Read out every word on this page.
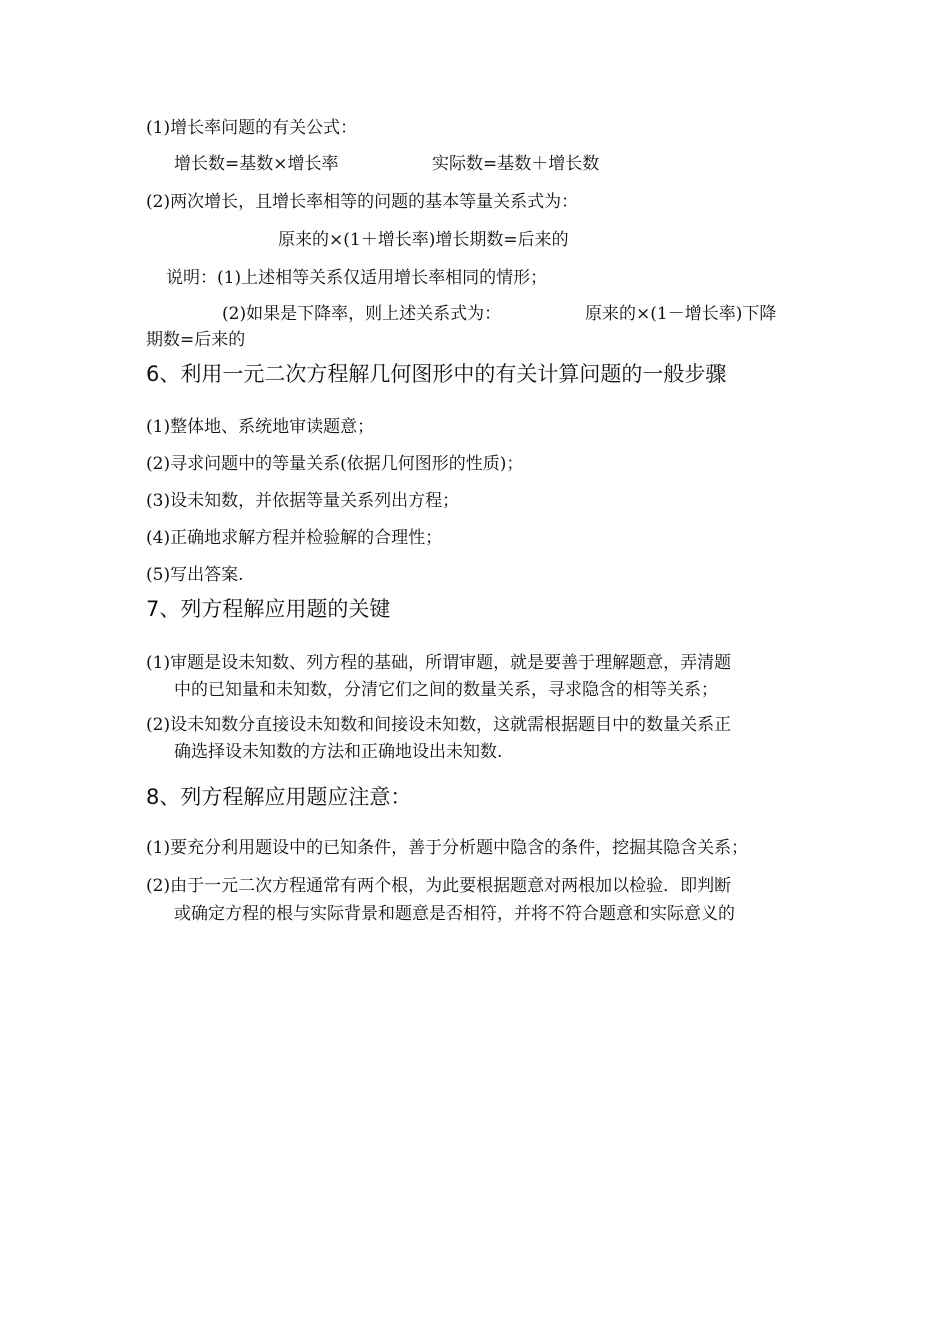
(1)增长率问题的有关公式：
增长数=基数×增长率	实际数=基数＋增长数
(2)两次增长，且增长率相等的问题的基本等量关系式为：
原来的×(1＋增长率)增长期数=后来的
说明：(1)上述相等关系仅适用增长率相同的情形；
(2)如果是下降率，则上述关系式为：	原来的×(1－增长率)下降
期数=后来的
6、利用一元二次方程解几何图形中的有关计算问题的一般步骤
(1)整体地、系统地审读题意；
(2)寻求问题中的等量关系(依据几何图形的性质)；
(3)设未知数，并依据等量关系列出方程；
(4)正确地求解方程并检验解的合理性；
(5)写出答案.
7、列方程解应用题的关键
(1)审题是设未知数、列方程的基础，所谓审题，就是要善于理解题意，弄清题
中的已知量和未知数，分清它们之间的数量关系，寻求隐含的相等关系；
(2)设未知数分直接设未知数和间接设未知数，这就需根据题目中的数量关系正
确选择设未知数的方法和正确地设出未知数.
8、列方程解应用题应注意：
(1)要充分利用题设中的已知条件，善于分析题中隐含的条件，挖掘其隐含关系；
(2)由于一元二次方程通常有两个根，为此要根据题意对两根加以检验．即判断
或确定方程的根与实际背景和题意是否相符，并将不符合题意和实际意义的
